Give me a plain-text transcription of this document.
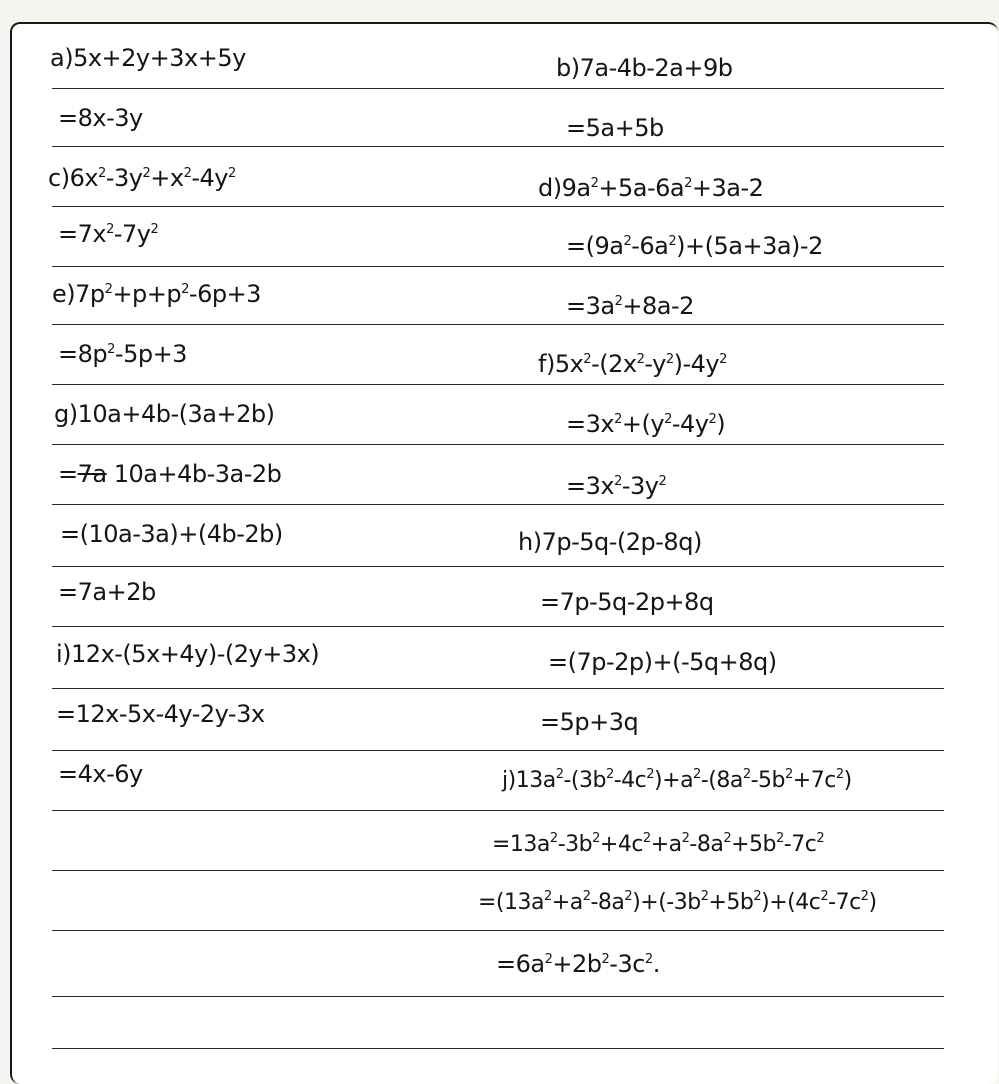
a)5x+2y+3x+5y
=8x-3y
$c)6x^2-3y^2+x^2-4y^2$
$=7x^2-7y^2$
$e)7p^2+p+p^2-6p+3$
$=8p^2-5p+3$
g)10a+4b-(3a+2b)
=7a 10a+4b-3a-2b
=(10a-3a)+(4b-2b)
=7a+2b
i)12x-(5x+4y)-(2y+3x)
=12x-5x-4y-2y-3x
=4x-6y
b)7a-4b-2a+9b
=5a+5b
$d)9a^2+5a-6a^2+3a-2$
$=(9a^2-6a^2)+(5a+3a)-2$
$=3a^2+8a-2$
$f)5x^2-(2x^2-y^2)-4y^2$
$=3x^2+(y^2-4y^2)$
$=3x^2-3y^2$
h)7p-5q-(2p-8q)
=7p-5q-2p+8q
=(7p-2p)+(-5q+8q)
=5p+3q
$j)13a^2-(3b^2-4c^2)+a^2-(8a^2-5b^2+7c^2)$
$=13a^2-3b^2+4c^2+a^2-8a^2+5b^2-7c^2$
$=(13a^2+a^2-8a^2)+(-3b^2+5b^2)+(4c^2-7c^2)$
$=6a^2+2b^2-3c^2$.
